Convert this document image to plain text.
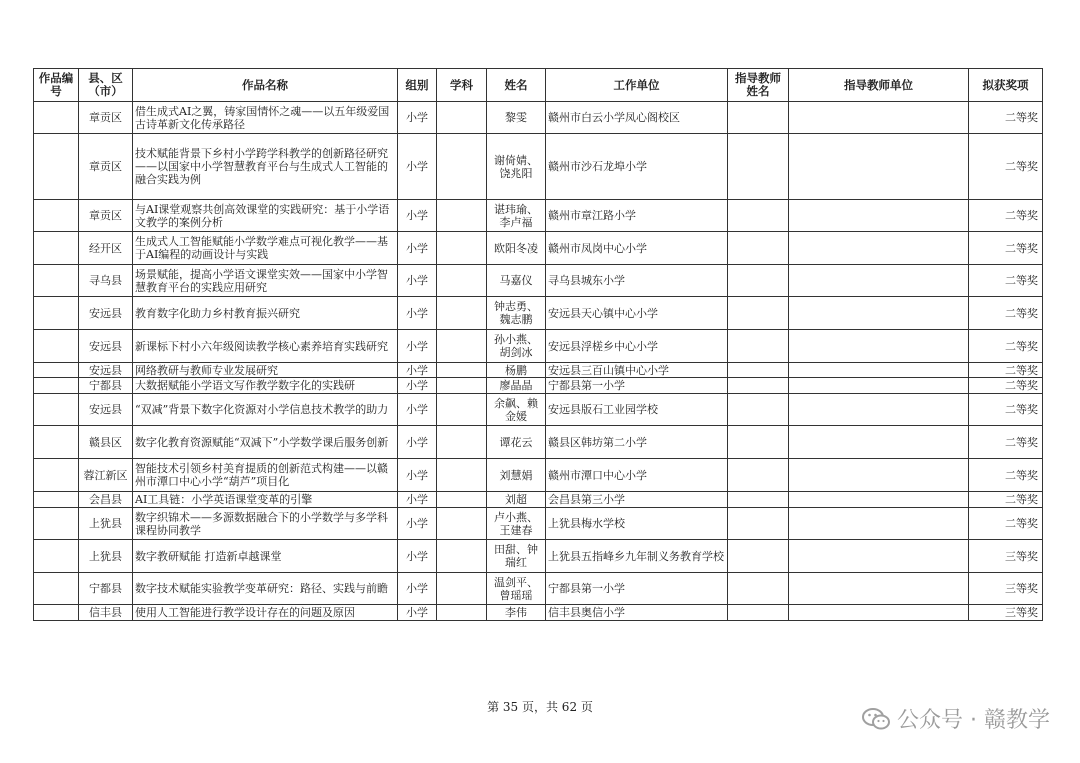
作品编号	县、区（市）	作品名称	组别	学科	姓名	工作单位	指导教师姓名	指导教师单位	拟获奖项
	章贡区	借生成式AI之翼，铸家国情怀之魂——以五年级爱国古诗革新文化传承路径	小学		黎雯	赣州市白云小学凤心阁校区			二等奖
	章贡区	技术赋能背景下乡村小学跨学科教学的创新路径研究——以国家中小学智慧教育平台与生成式人工智能的融合实践为例	小学		谢倚婧、饶兆阳	赣州市沙石龙埠小学			二等奖
	章贡区	与AI课堂观察共创高效课堂的实践研究：基于小学语文教学的案例分析	小学		谌玮瑜、李卢福	赣州市章江路小学			二等奖
	经开区	生成式人工智能赋能小学数学难点可视化教学——基于AI编程的动画设计与实践	小学		欧阳冬凌	赣州市凤岗中心小学			二等奖
	寻乌县	场景赋能，提高小学语文课堂实效——国家中小学智慧教育平台的实践应用研究	小学		马嘉仪	寻乌县城东小学			二等奖
	安远县	教育数字化助力乡村教育振兴研究	小学		钟志勇、魏志鹏	安远县天心镇中心小学			二等奖
	安远县	新课标下村小六年级阅读教学核心素养培育实践研究	小学		孙小燕、胡剑冰	安远县浮槎乡中心小学			二等奖
	安远县	网络教研与教师专业发展研究	小学		杨鹏	安远县三百山镇中心小学			二等奖
	宁都县	大数据赋能小学语文写作教学数字化的实践研	小学		廖晶晶	宁都县第一小学			二等奖
	安远县	“双减”背景下数字化资源对小学信息技术教学的助力	小学		余飙、赖金媛	安远县版石工业园学校			二等奖
	赣县区	数字化教育资源赋能“双减下”小学数学课后服务创新	小学		谭花云	赣县区韩坊第二小学			二等奖
	蓉江新区	智能技术引领乡村美育提质的创新范式构建——以赣州市潭口中心小学“葫芦”项目化	小学		刘慧娟	赣州市潭口中心小学			二等奖
	会昌县	AI工具链：小学英语课堂变革的引擎	小学		刘超	会昌县第三小学			二等奖
	上犹县	数字织锦术——多源数据融合下的小学数学与多学科课程协同教学	小学		卢小燕、王建春	上犹县梅水学校			二等奖
	上犹县	数字教研赋能 打造新卓越课堂	小学		田甜、钟瑞红	上犹县五指峰乡九年制义务教育学校			三等奖
	宁都县	数字技术赋能实验教学变革研究：路径、实践与前瞻	小学		温剑平、曾瑶瑶	宁都县第一小学			三等奖
	信丰县	使用人工智能进行教学设计存在的问题及原因	小学		李伟	信丰县奥信小学			三等奖
第 35 页，共 62 页
公众号 · 赣教学
